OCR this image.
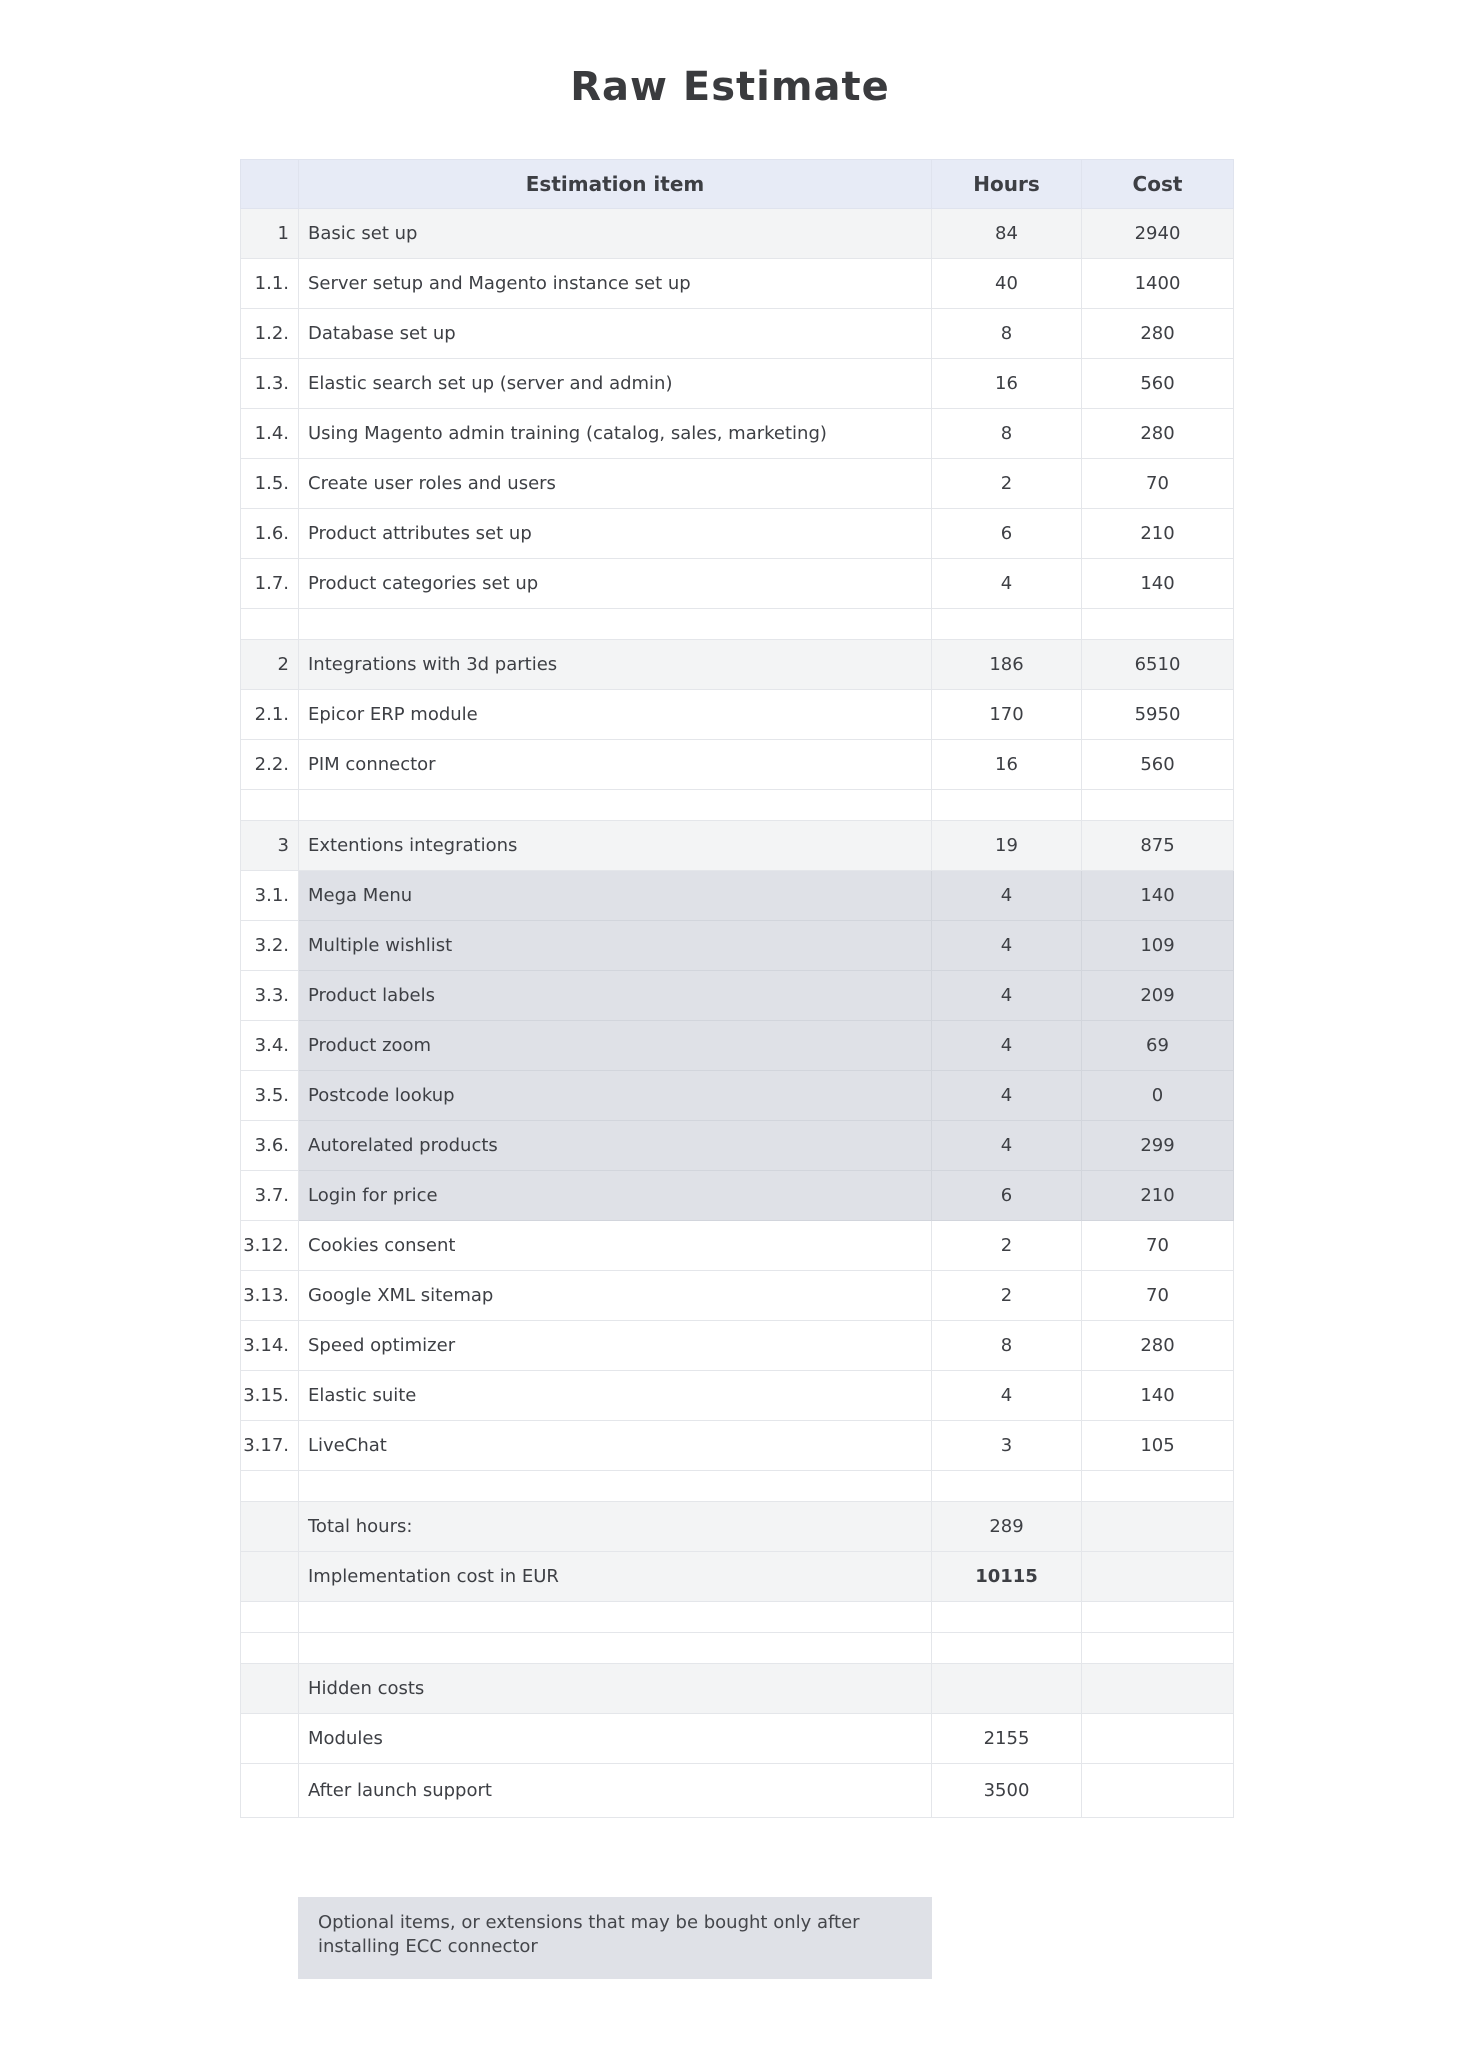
Raw Estimate
	Estimation item	Hours	Cost
1	Basic set up	84	2940
1.1.	Server setup and Magento instance set up	40	1400
1.2.	Database set up	8	280
1.3.	Elastic search set up (server and admin)	16	560
1.4.	Using Magento admin training (catalog, sales, marketing)	8	280
1.5.	Create user roles and users	2	70
1.6.	Product attributes set up	6	210
1.7.	Product categories set up	4	140

2	Integrations with 3d parties	186	6510
2.1.	Epicor ERP module	170	5950
2.2.	PIM connector	16	560

3	Extentions integrations	19	875
3.1.	Mega Menu	4	140
3.2.	Multiple wishlist	4	109
3.3.	Product labels	4	209
3.4.	Product zoom	4	69
3.5.	Postcode lookup	4	0
3.6.	Autorelated products	4	299
3.7.	Login for price	6	210
3.12.	Cookies consent	2	70
3.13.	Google XML sitemap	2	70
3.14.	Speed optimizer	8	280
3.15.	Elastic suite	4	140
3.17.	LiveChat	3	105

	Total hours:	289	
	Implementation cost in EUR	10115	

	Hidden costs		
	Modules	2155	
	After launch support	3500	
Optional items, or extensions that may be bought only after installing ECC connector
